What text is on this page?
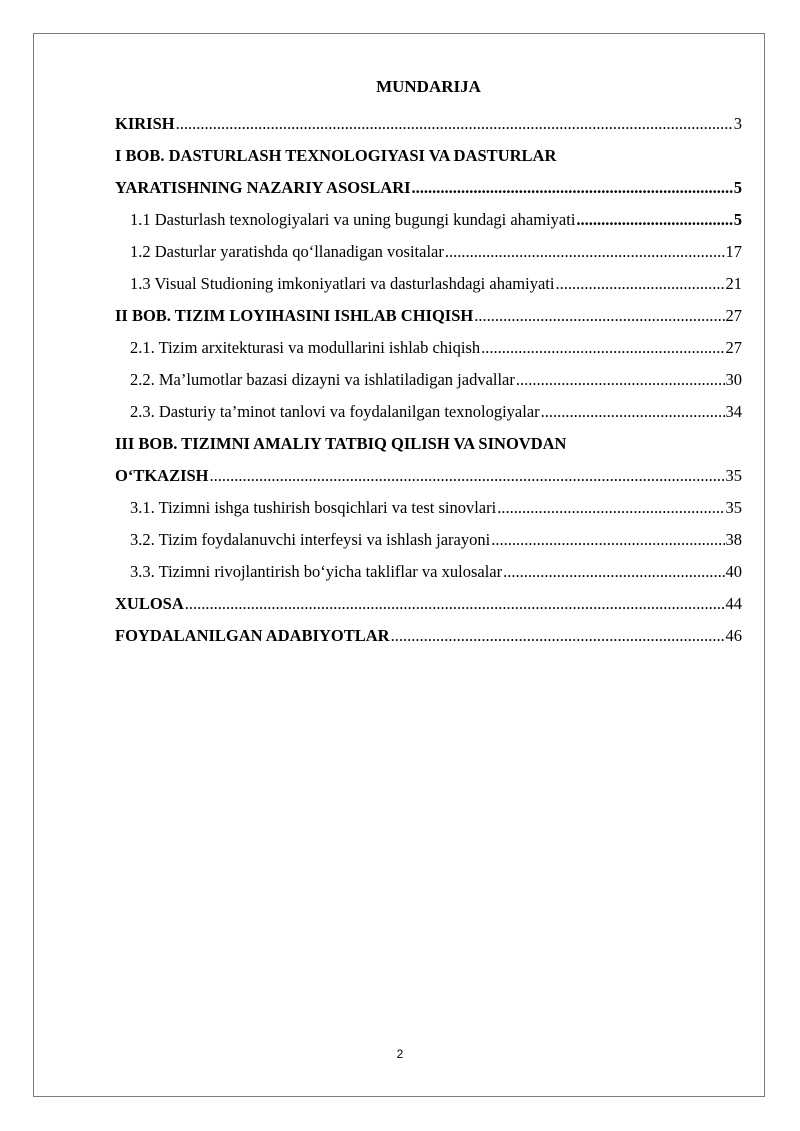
MUNDARIJA
KIRISH .....	3
I BOB. DASTURLASH TEXNOLOGIYASI VA DASTURLAR
YARATISHNING NAZARIY ASOSLARI .....	5
1.1 Dasturlash texnologiyalari va uning bugungi kundagi ahamiyati .....	5
1.2 Dasturlar yaratishda qo‘llanadigan vositalar .....	17
1.3 Visual Studioning imkoniyatlari va dasturlashdagi ahamiyati .....	21
II BOB. TIZIM LOYIHASINI ISHLAB CHIQISH .....	27
2.1. Tizim arxitekturasi va modullarini ishlab chiqish .....	27
2.2. Ma’lumotlar bazasi dizayni va ishlatiladigan jadvallar .....	30
2.3. Dasturiy ta’minot tanlovi va foydalanilgan texnologiyalar .....	34
III BOB. TIZIMNI AMALIY TATBIQ QILISH VA SINOVDAN
O‘TKAZISH .....	35
3.1. Tizimni ishga tushirish bosqichlari va test sinovlari .....	35
3.2. Tizim foydalanuvchi interfeysi va ishlash jarayoni .....	38
3.3. Tizimni rivojlantirish bo‘yicha takliflar va xulosalar .....	40
XULOSA .....	44
FOYDALANILGAN ADABIYOTLAR .....	46
2
